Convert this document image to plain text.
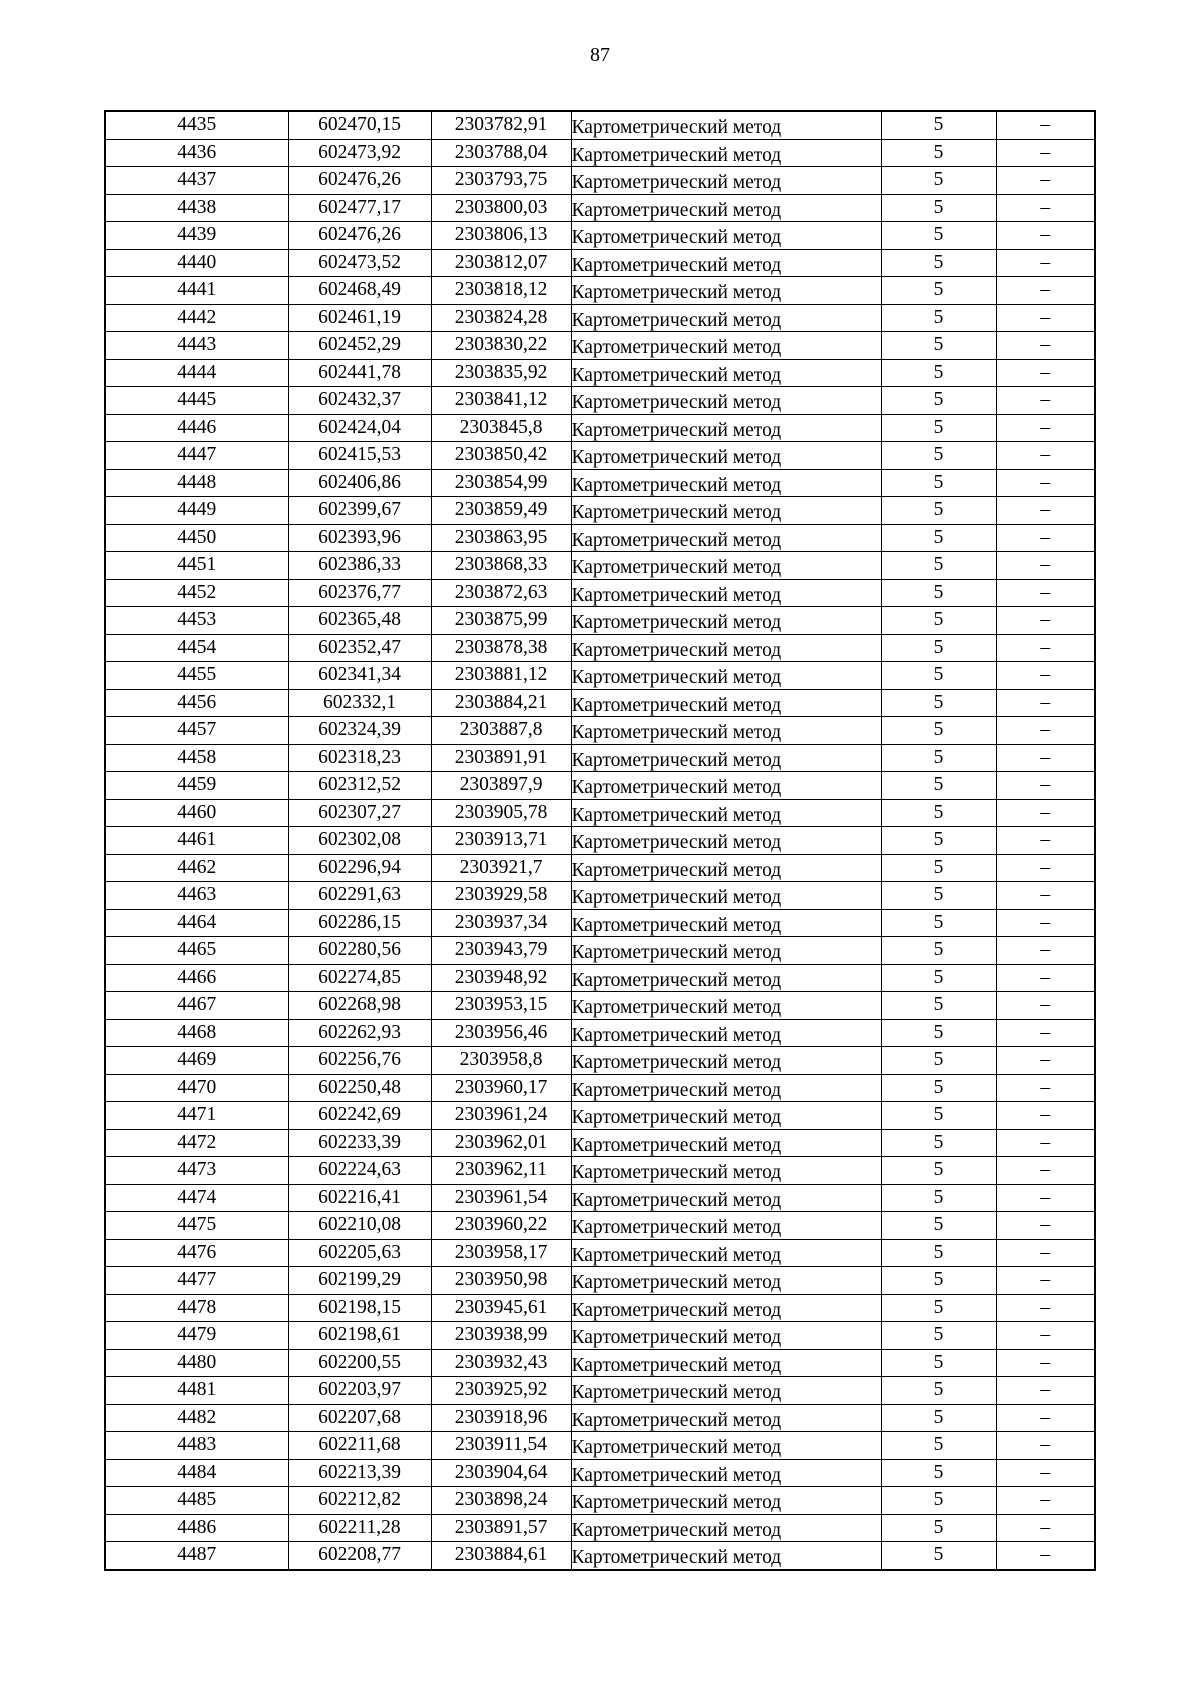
87
4435	602470,15	2303782,91	Картометрический метод	5	–
4436	602473,92	2303788,04	Картометрический метод	5	–
4437	602476,26	2303793,75	Картометрический метод	5	–
4438	602477,17	2303800,03	Картометрический метод	5	–
4439	602476,26	2303806,13	Картометрический метод	5	–
4440	602473,52	2303812,07	Картометрический метод	5	–
4441	602468,49	2303818,12	Картометрический метод	5	–
4442	602461,19	2303824,28	Картометрический метод	5	–
4443	602452,29	2303830,22	Картометрический метод	5	–
4444	602441,78	2303835,92	Картометрический метод	5	–
4445	602432,37	2303841,12	Картометрический метод	5	–
4446	602424,04	2303845,8	Картометрический метод	5	–
4447	602415,53	2303850,42	Картометрический метод	5	–
4448	602406,86	2303854,99	Картометрический метод	5	–
4449	602399,67	2303859,49	Картометрический метод	5	–
4450	602393,96	2303863,95	Картометрический метод	5	–
4451	602386,33	2303868,33	Картометрический метод	5	–
4452	602376,77	2303872,63	Картометрический метод	5	–
4453	602365,48	2303875,99	Картометрический метод	5	–
4454	602352,47	2303878,38	Картометрический метод	5	–
4455	602341,34	2303881,12	Картометрический метод	5	–
4456	602332,1	2303884,21	Картометрический метод	5	–
4457	602324,39	2303887,8	Картометрический метод	5	–
4458	602318,23	2303891,91	Картометрический метод	5	–
4459	602312,52	2303897,9	Картометрический метод	5	–
4460	602307,27	2303905,78	Картометрический метод	5	–
4461	602302,08	2303913,71	Картометрический метод	5	–
4462	602296,94	2303921,7	Картометрический метод	5	–
4463	602291,63	2303929,58	Картометрический метод	5	–
4464	602286,15	2303937,34	Картометрический метод	5	–
4465	602280,56	2303943,79	Картометрический метод	5	–
4466	602274,85	2303948,92	Картометрический метод	5	–
4467	602268,98	2303953,15	Картометрический метод	5	–
4468	602262,93	2303956,46	Картометрический метод	5	–
4469	602256,76	2303958,8	Картометрический метод	5	–
4470	602250,48	2303960,17	Картометрический метод	5	–
4471	602242,69	2303961,24	Картометрический метод	5	–
4472	602233,39	2303962,01	Картометрический метод	5	–
4473	602224,63	2303962,11	Картометрический метод	5	–
4474	602216,41	2303961,54	Картометрический метод	5	–
4475	602210,08	2303960,22	Картометрический метод	5	–
4476	602205,63	2303958,17	Картометрический метод	5	–
4477	602199,29	2303950,98	Картометрический метод	5	–
4478	602198,15	2303945,61	Картометрический метод	5	–
4479	602198,61	2303938,99	Картометрический метод	5	–
4480	602200,55	2303932,43	Картометрический метод	5	–
4481	602203,97	2303925,92	Картометрический метод	5	–
4482	602207,68	2303918,96	Картометрический метод	5	–
4483	602211,68	2303911,54	Картометрический метод	5	–
4484	602213,39	2303904,64	Картометрический метод	5	–
4485	602212,82	2303898,24	Картометрический метод	5	–
4486	602211,28	2303891,57	Картометрический метод	5	–
4487	602208,77	2303884,61	Картометрический метод	5	–
